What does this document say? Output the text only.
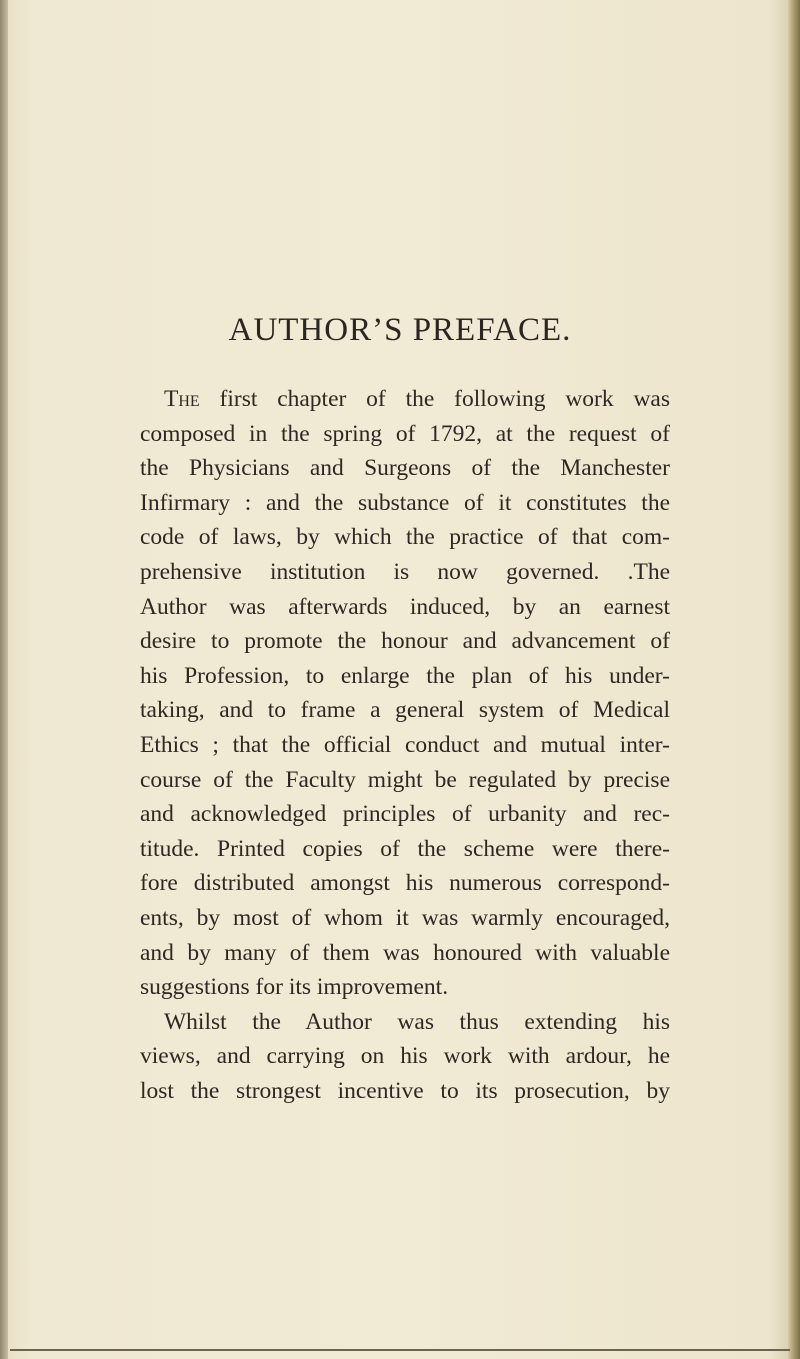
AUTHOR’S PREFACE.
The first chapter of the following work was
composed in the spring of 1792, at the request of
the Physicians and Surgeons of the Manchester
Infirmary : and the substance of it constitutes the
code of laws, by which the practice of that com-
prehensive institution is now governed. .The
Author was afterwards induced, by an earnest
desire to promote the honour and advancement of
his Profession, to enlarge the plan of his under-
taking, and to frame a general system of Medical
Ethics ; that the official conduct and mutual inter-
course of the Faculty might be regulated by precise
and acknowledged principles of urbanity and rec-
titude. Printed copies of the scheme were there-
fore distributed amongst his numerous correspond-
ents, by most of whom it was warmly encouraged,
and by many of them was honoured with valuable
suggestions for its improvement.
Whilst the Author was thus extending his
views, and carrying on his work with ardour, he
lost the strongest incentive to its prosecution, by
